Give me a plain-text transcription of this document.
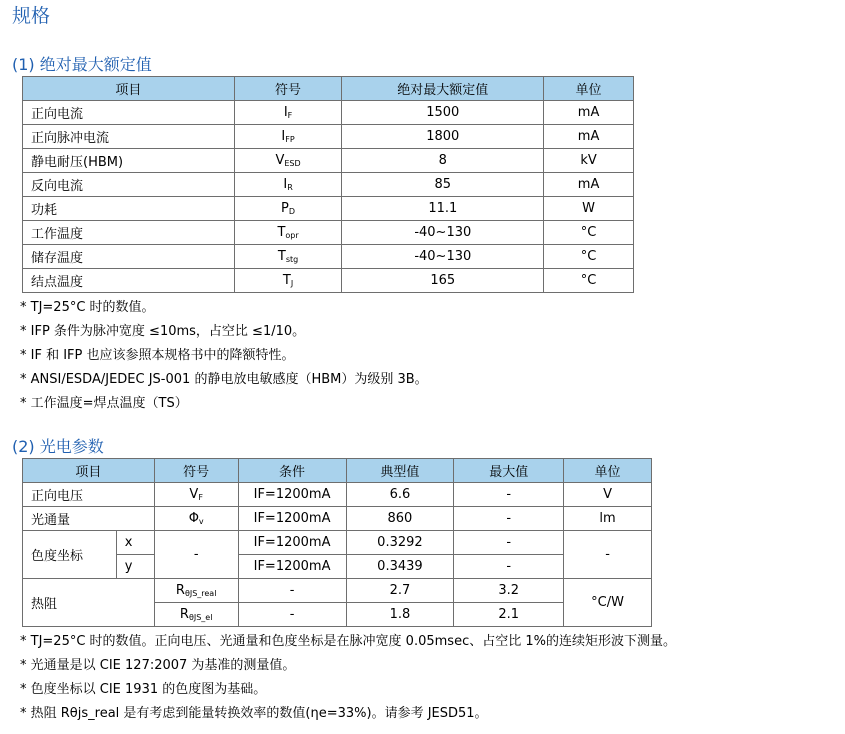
规格
(1) 绝对最大额定值
项目	符号	绝对最大额定值	单位
正向电流	$I_F$	1500	mA
正向脉冲电流	$I_{FP}$	1800	mA
静电耐压(HBM)	$V_{ESD}$	8	kV
反向电流	$I_R$	85	mA
功耗	$P_D$	11.1	W
工作温度	$T_{opr}$	-40~130	°C
储存温度	$T_{stg}$	-40~130	°C
结点温度	$T_J$	165	°C
* TJ=25°C 时的数值。
* IFP 条件为脉冲宽度 ≤10ms，占空比 ≤1/10。
* IF 和 IFP 也应该参照本规格书中的降额特性。
* ANSI/ESDA/JEDEC JS-001 的静电放电敏感度（HBM）为级别 3B。
* 工作温度=焊点温度（TS）
(2) 光电参数
项目		符号	条件	典型值	最大值	单位
正向电压		$V_F$	IF=1200mA	6.6	-	V
光通量		$\Phi_v$	IF=1200mA	860	-	lm
色度坐标	x	-	IF=1200mA	0.3292	-	-
	y		IF=1200mA	0.3439	-	
热阻		$R_{\theta JS\_real}$	-	2.7	3.2	°C/W
		$R_{\theta JS\_el}$	-	1.8	2.1	
* TJ=25°C 时的数值。正向电压、光通量和色度坐标是在脉冲宽度 0.05msec、占空比 1%的连续矩形波下测量。
* 光通量是以 CIE 127:2007 为基准的测量值。
* 色度坐标以 CIE 1931 的色度图为基础。
* 热阻 Rθjs_real 是有考虑到能量转换效率的数值(ηe=33%)。请参考 JESD51。
